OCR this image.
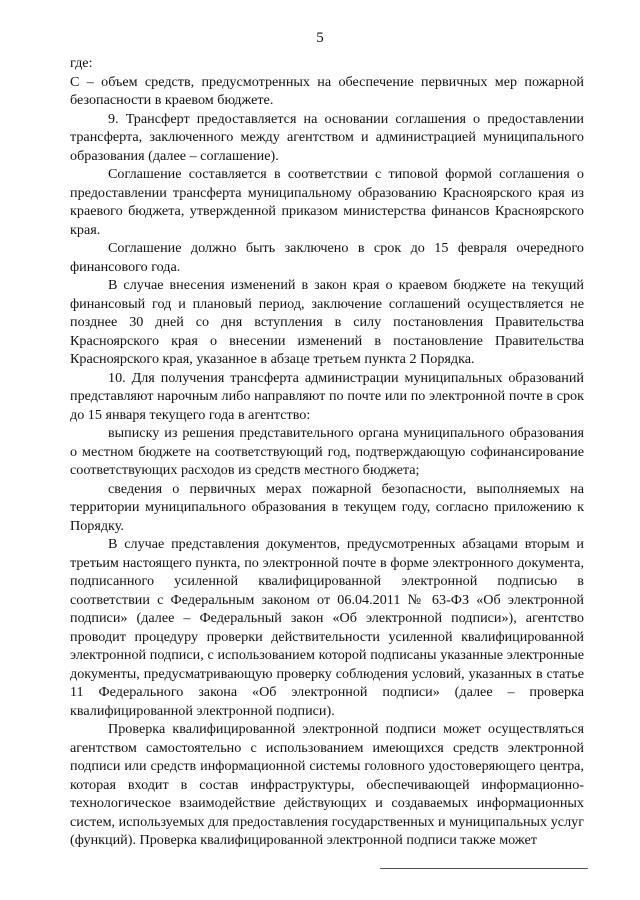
5

где:

С – объем средств, предусмотренных на обеспечение первичных мер пожарной безопасности в краевом бюджете.

9. Трансферт предоставляется на основании соглашения о предоставлении трансферта, заключенного между агентством и администрацией муниципального образования (далее – соглашение).

Соглашение составляется в соответствии с типовой формой соглашения о предоставлении трансферта муниципальному образованию Красноярского края из краевого бюджета, утвержденной приказом министерства финансов Красноярского края.

Соглашение должно быть заключено в срок до 15 февраля очередного финансового года.

В случае внесения изменений в закон края о краевом бюджете на текущий финансовый год и плановый период, заключение соглашений осуществляется не позднее 30 дней со дня вступления в силу постановления Правительства Красноярского края о внесении изменений в постановление Правительства Красноярского края, указанное в абзаце третьем пункта 2 Порядка.

10. Для получения трансферта администрации муниципальных образований представляют нарочным либо направляют по почте или по электронной почте в срок до 15 января текущего года в агентство:

выписку из решения представительного органа муниципального образования о местном бюджете на соответствующий год, подтверждающую софинансирование соответствующих расходов из средств местного бюджета;

сведения о первичных мерах пожарной безопасности, выполняемых на территории муниципального образования в текущем году, согласно приложению к Порядку.

В случае представления документов, предусмотренных абзацами вторым и третьим настоящего пункта, по электронной почте в форме электронного документа, подписанного усиленной квалифицированной электронной подписью в соответствии с Федеральным законом от 06.04.2011 № 63-ФЗ «Об электронной подписи» (далее – Федеральный закон «Об электронной подписи»), агентство проводит процедуру проверки действительности усиленной квалифицированной электронной подписи, с использованием которой подписаны указанные электронные документы, предусматривающую проверку соблюдения условий, указанных в статье 11 Федерального закона «Об электронной подписи» (далее – проверка квалифицированной электронной подписи).

Проверка квалифицированной электронной подписи может осуществляться агентством самостоятельно с использованием имеющихся средств электронной подписи или средств информационной системы головного удостоверяющего центра, которая входит в состав инфраструктуры, обеспечивающей информационно-технологическое взаимодействие действующих и создаваемых информационных систем, используемых для предоставления государственных и муниципальных услуг (функций). Проверка квалифицированной электронной подписи также может
